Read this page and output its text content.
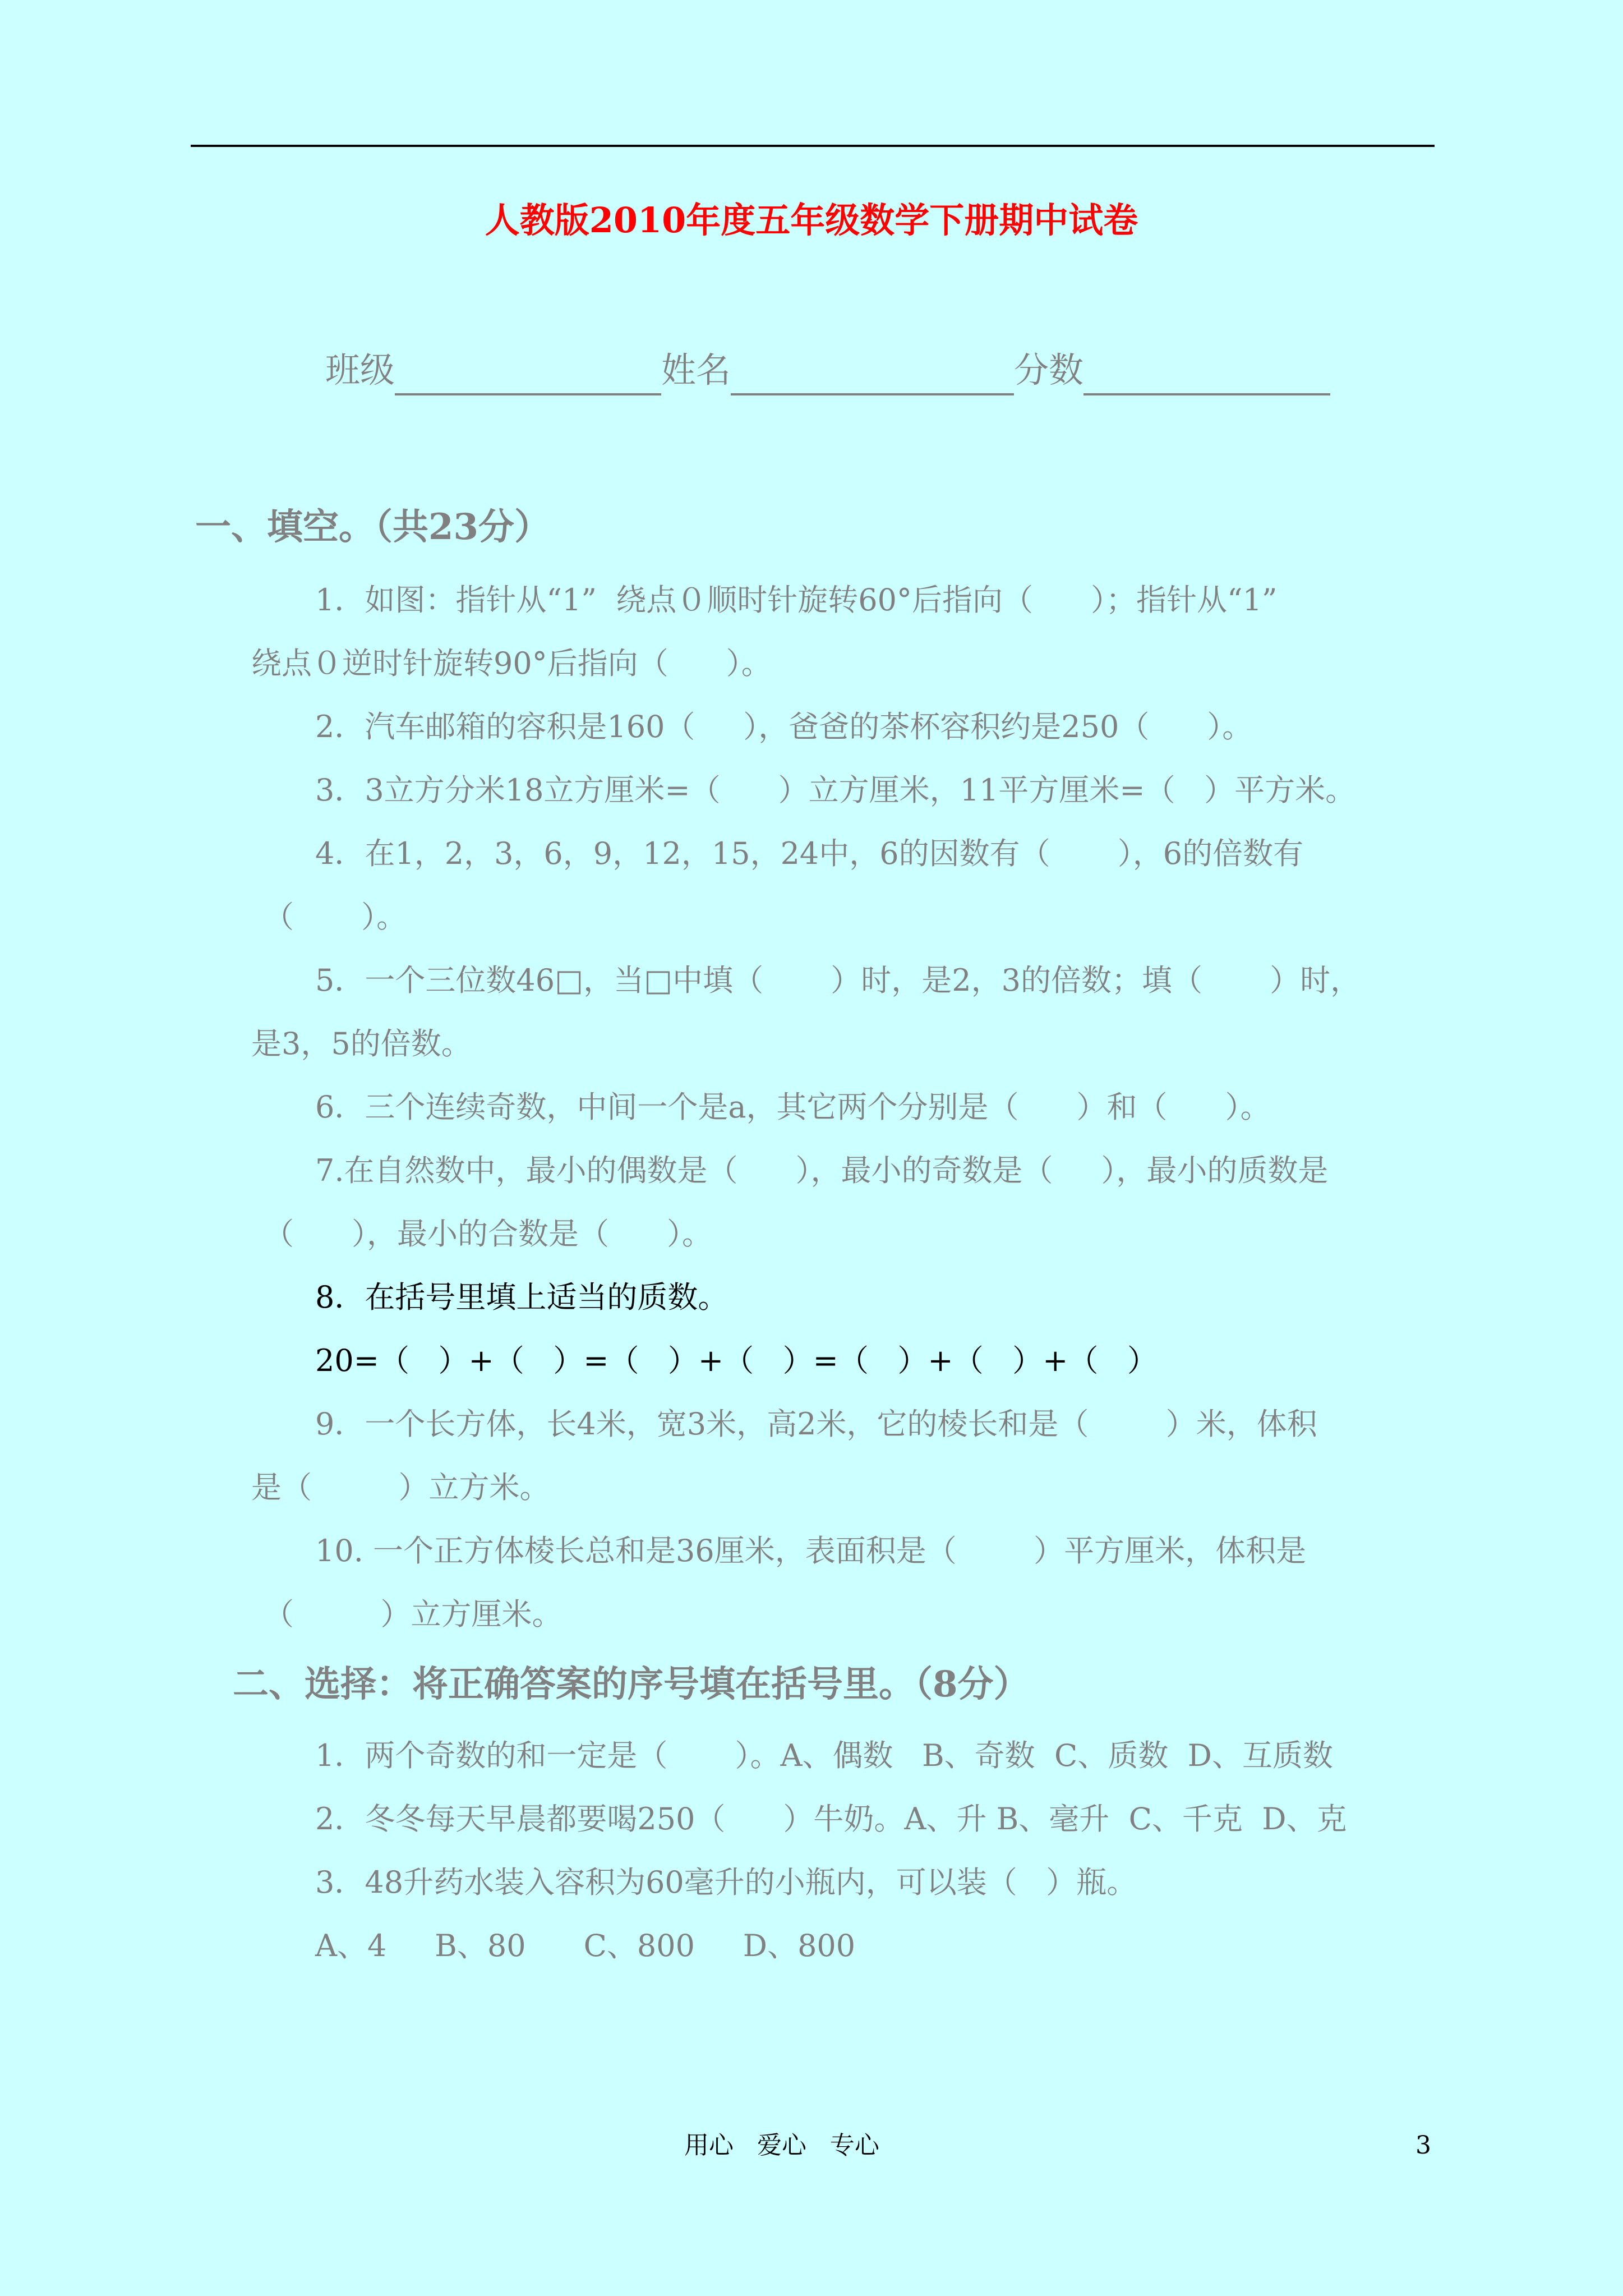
人教版2010年度五年级数学下册期中试卷
班级	姓名	分数
一、填空。（共23分）
1．如图：指针从“1”  绕点０顺时针旋转60°后指向（      ）；指针从“1”
绕点０逆时针旋转90°后指向（      ）。
2．汽车邮箱的容积是160（     ），爸爸的茶杯容积约是250（      ）。
3．3立方分米18立方厘米=（      ）立方厘米，11平方厘米=（   ）平方米。
4．在1，2，3，6，9，12，15，24中，6的因数有（       ），6的倍数有
（       ）。
5．一个三位数46□，当□中填（       ）时，是2，3的倍数；填（       ）时，
是3，5的倍数。
6．三个连续奇数，中间一个是a，其它两个分别是（      ）和（      ）。
7.在自然数中，最小的偶数是（      ），最小的奇数是（     ），最小的质数是
（      ），最小的合数是（      ）。
8．在括号里填上适当的质数。
20=（   ）+（   ）=（   ）+（   ）=（   ）+（   ）+（   ）
9．一个长方体，长4米，宽3米，高2米，它的棱长和是（        ）米，体积
是（         ）立方米。
10. 一个正方体棱长总和是36厘米，表面积是（        ）平方厘米，体积是
（         ）立方厘米。
二、选择：将正确答案的序号填在括号里。（8分）
1．两个奇数的和一定是（       ）。A、偶数   B、奇数  C、质数  D、互质数
2．冬冬每天早晨都要喝250（      ）牛奶。A、升 B、毫升  C、千克  D、克
3．48升药水装入容积为60毫升的小瓶内，可以装（   ）瓶。
A、4     B、80      C、800     D、800
用心   爱心   专心	3
